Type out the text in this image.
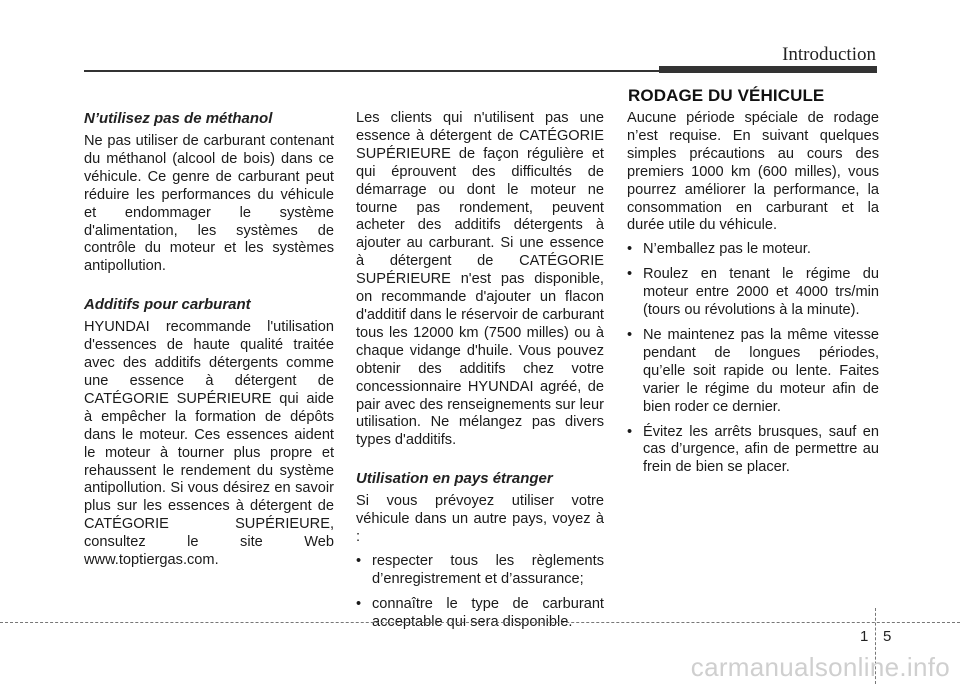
Introduction
N’utilisez pas de méthanol

Ne pas utiliser de carburant contenant du méthanol (alcool de bois) dans ce véhicule. Ce genre de carburant peut réduire les performances du véhicule et endommager le système d'alimentation, les systèmes de contrôle du moteur et les systèmes antipollution.

Additifs pour carburant

HYUNDAI recommande l'utilisation d'essences de haute qualité traitée avec des additifs détergents comme une essence à détergent de CATÉGORIE SUPÉRIEURE qui aide à empêcher la formation de dépôts dans le moteur. Ces essences aident le moteur à tourner plus propre et rehaussent le rendement du système antipollution. Si vous désirez en savoir plus sur les essences à détergent de CATÉGORIE SUPÉRIEURE, consultez le site Web www.toptiergas.com.

Les clients qui n'utilisent pas une essence à détergent de CATÉGORIE SUPÉRIEURE de façon régulière et qui éprouvent des difficultés de démarrage ou dont le moteur ne tourne pas rondement, peuvent acheter des additifs détergents à ajouter au carburant. Si une essence à détergent de CATÉGORIE SUPÉRIEURE n'est pas disponible, on recommande d'ajouter un flacon d'additif dans le réservoir de carburant tous les 12000 km (7500 milles) ou à chaque vidange d'huile. Vous pouvez obtenir des additifs chez votre concessionnaire HYUNDAI agréé, de pair avec des renseignements sur leur utilisation. Ne mélangez pas divers types d'additifs.

Utilisation en pays étranger

Si vous prévoyez utiliser votre véhicule dans un autre pays, voyez à :

• respecter tous les règlements d’enregistrement et d’assurance;
• connaître le type de carburant acceptable qui sera disponible.
RODAGE DU VÉHICULE

Aucune période spéciale de rodage n’est requise. En suivant quelques simples précautions au cours des premiers 1000 km (600 milles), vous pourrez améliorer la performance, la consommation en carburant et la durée utile du véhicule.

• N’emballez pas le moteur.
• Roulez en tenant le régime du moteur entre 2000 et 4000 trs/min (tours ou révolutions à la minute).
• Ne maintenez pas la même vitesse pendant de longues périodes, qu’elle soit rapide ou lente. Faites varier le régime du moteur afin de bien roder ce dernier.
• Évitez les arrêts brusques, sauf en cas d’urgence, afin de permettre au frein de bien se placer.
1 5
carmanualsonline.info
